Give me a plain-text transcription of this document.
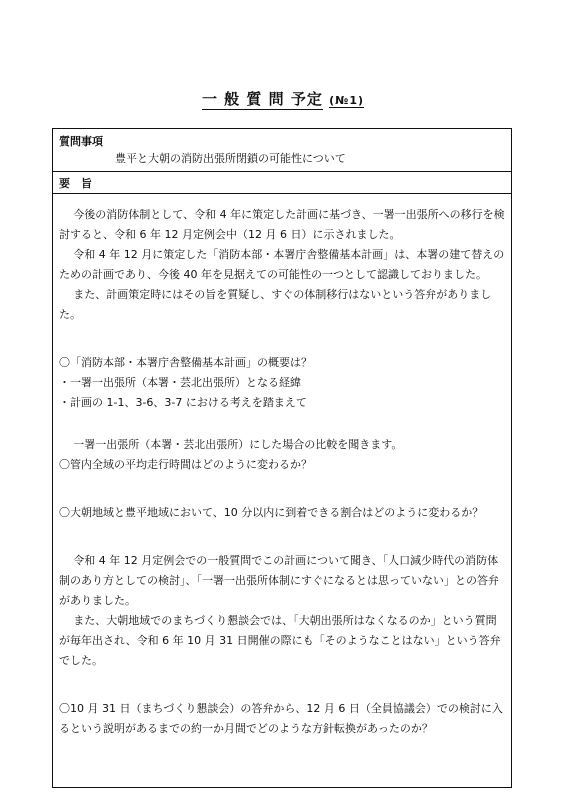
一 般 質 問 予定 (№1)
質問事項
豊平と大朝の消防出張所閉鎖の可能性について
要　旨

今後の消防体制として、令和 4 年に策定した計画に基づき、一署一出張所への移行を検討すると、令和 6 年 12 月定例会中（12 月 6 日）に示されました。

令和 4 年 12 月に策定した「消防本部・本署庁舎整備基本計画」は、本署の建て替えのための計画であり、今後 40 年を見据えての可能性の一つとして認識しておりました。

また、計画策定時にはその旨を質疑し、すぐの体制移行はないという答弁がありました。

〇「消防本部・本署庁舎整備基本計画」の概要は？

・一署一出張所（本署・芸北出張所）となる経緯

・計画の 1-1、3-6、3-7 における考えを踏まえて

一署一出張所（本署・芸北出張所）にした場合の比較を聞きます。

〇管内全域の平均走行時間はどのように変わるか？

〇大朝地域と豊平地域において、10 分以内に到着できる割合はどのように変わるか？

令和 4 年 12 月定例会での一般質問でこの計画について聞き、「人口減少時代の消防体制のあり方としての検討」、「一署一出張所体制にすぐになるとは思っていない」との答弁がありました。

また、大朝地域でのまちづくり懇談会では、「大朝出張所はなくなるのか」という質問が毎年出され、令和 6 年 10 月 31 日開催の際にも「そのようなことはない」という答弁でした。

〇10 月 31 日（まちづくり懇談会）の答弁から、12 月 6 日（全員協議会）での検討に入るという説明があるまでの約一か月間でどのような方針転換があったのか？
